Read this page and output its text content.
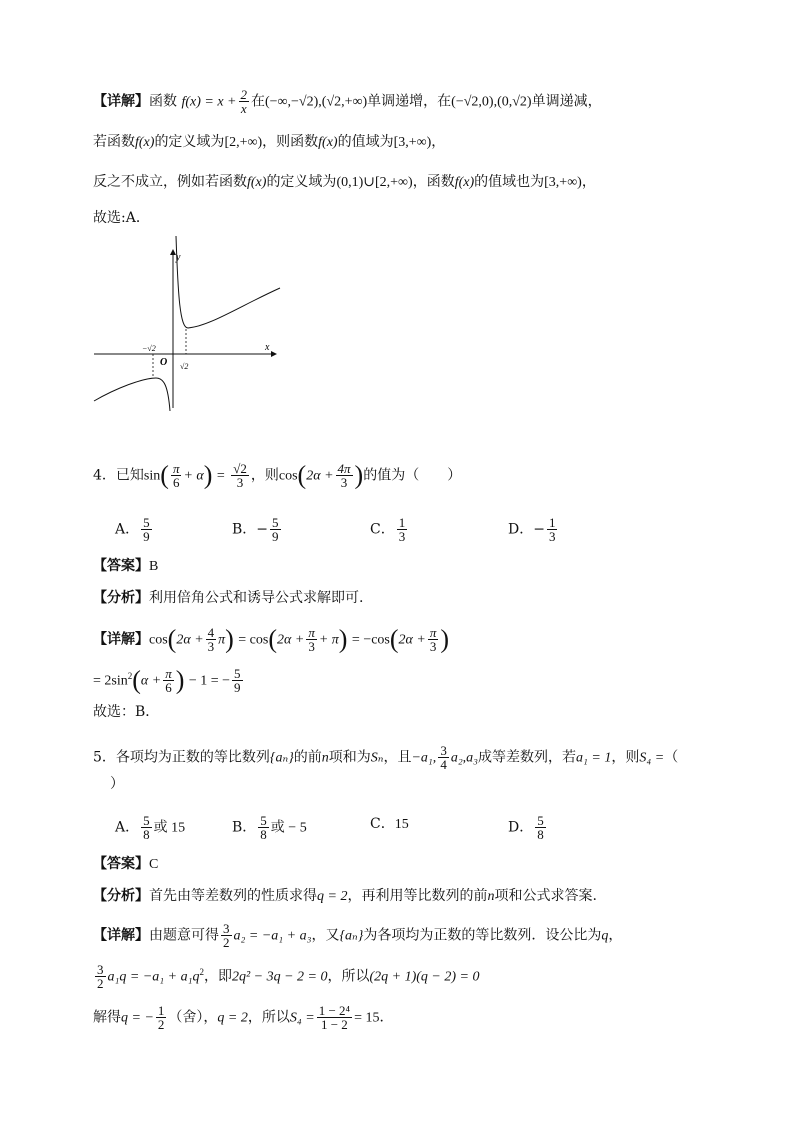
【详解】函数 $f(x) = x + \frac{2}{x}$ 在(−∞,−√2),(√2,+∞)单调递增，在(−√2,0),(0,√2)单调递减，
若函数f(x)的定义域为[2,+∞)，则函数f(x)的值域为[3,+∞)，
反之不成立，例如若函数f(x)的定义域为(0,1)∪[2,+∞)，函数f(x)的值域也为[3,+∞)，
故选:A．
y
x
O
−√2
√2
4．已知$\sin( \frac{\pi}{6} + \alpha) = \frac{√2}{3}$ ，则$\cos(2\alpha + \frac{4\pi}{3}$ )的值为（　　）
A． $\frac{5}{9}$	B．− $\frac{5}{9}$	C． $\frac{1}{3}$	D．− $\frac{1}{3}$
【答案】B
【分析】利用倍角公式和诱导公式求解即可.
【详解】$\cos(2\alpha + \frac{4}{3} \pi) = \cos(2\alpha + \frac{\pi}{3} + \pi) = -\cos(2\alpha + \frac{\pi}{3}$ )
= $2\sin^2(\alpha + \frac{\pi}{6}$ ) − 1 = − $\frac{5}{9}$
故选：B．
5．各项均为正数的等比数列{aₙ}的前n项和为Sₙ，且−a₁, $\frac{3}{4} a_2,a_3$成等差数列，若a₁ = 1，则S₄ =（
）
A． $\frac{5}{8}$ 或 15	B． $\frac{5}{8}$ 或 − 5	C．15	D． $\frac{5}{8}$
【答案】C
【分析】首先由等差数列的性质求得q = 2，再利用等比数列的前n项和公式求答案.
【详解】由题意可得 $\frac{3}{2} a_2 = -a_1 + a_3$，又{aₙ}为各项均为正数的等比数列．设公比为q，
$\frac{3}{2} a_1q = -a_1 + a_1q^2$，即2q² − 3q − 2 = 0，所以(2q + 1)(q − 2) = 0
解得q = − $\frac{1}{2}$ （舍），q = 2，所以$S_4 = \frac{\text{1 − 2⁴}}{1 - 2} = 15$．
